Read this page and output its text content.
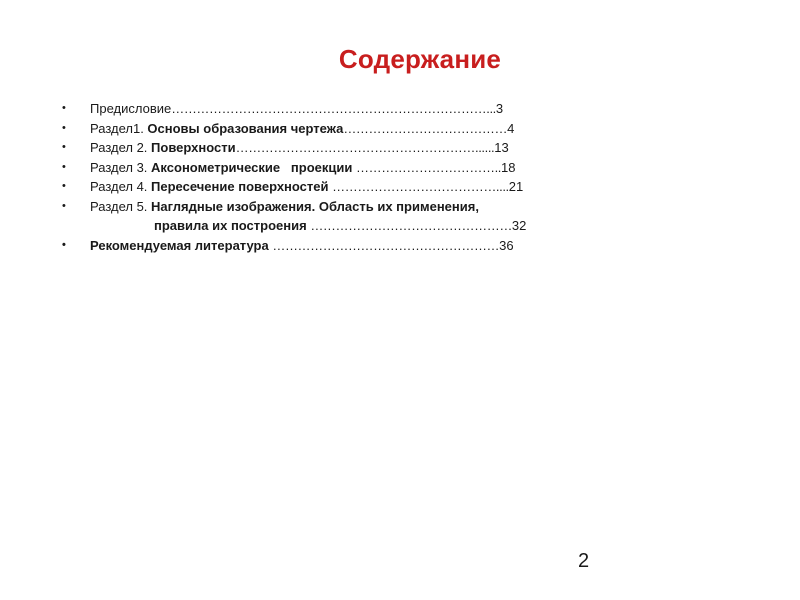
Содержание
•	Предисловие…………………………………………………………………...3
•	Раздел1. Основы образования чертежа…………………………………4
•	Раздел 2. Поверхности…………………………………………………......13
•	Раздел 3. Аксонометрические   проекции ……………………………..18
•	Раздел 4. Пересечение поверхностей …………………………………....21
•	Раздел 5. Наглядные изображения. Область их применения,
правила их построения …………………………………………32
•	Рекомендуемая литература ………………………………………………36
2
